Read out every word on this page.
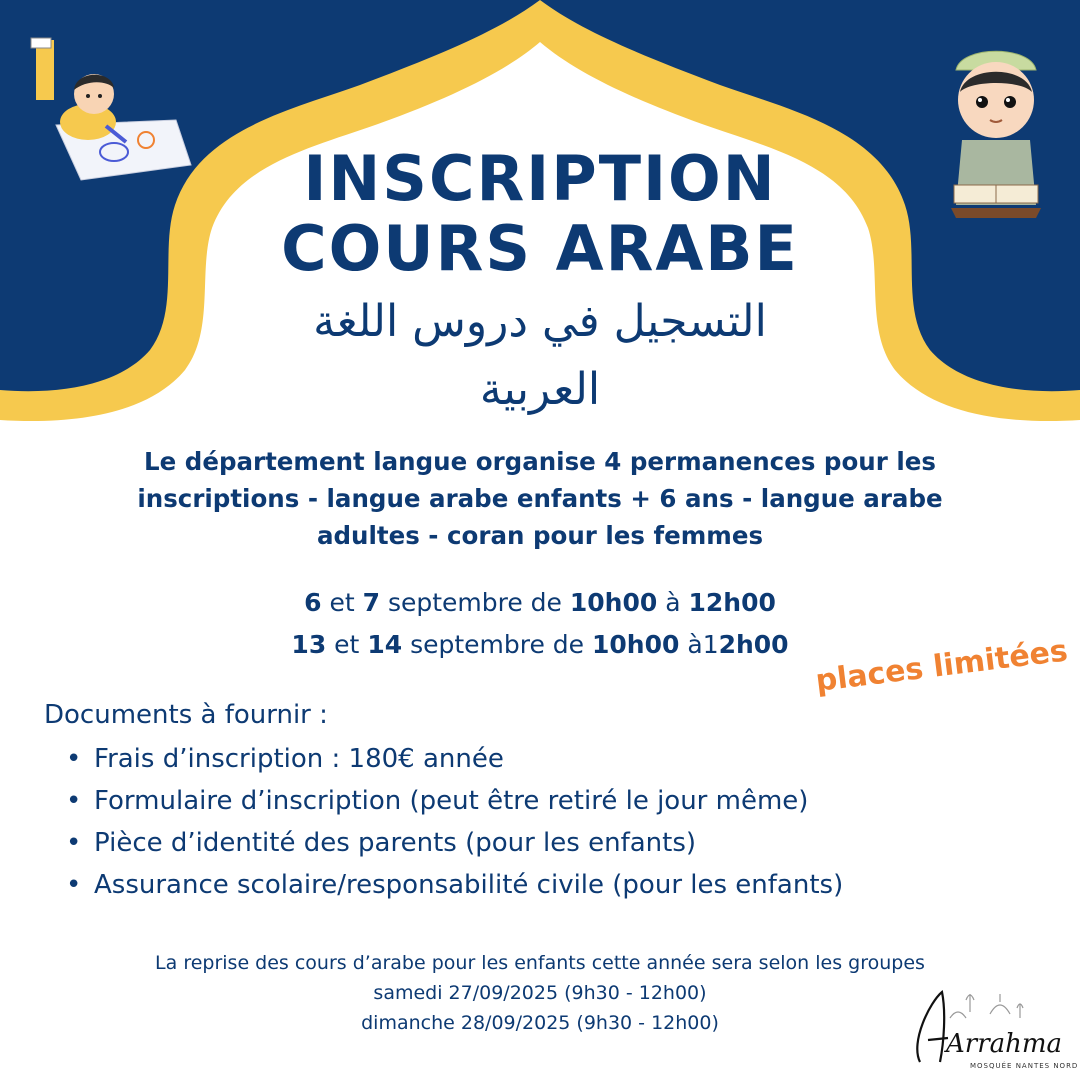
INSCRIPTION
COURS ARABE
التسجيل في دروس اللغة
العربية
Le département langue organise 4 permanences pour les inscriptions - langue arabe enfants + 6 ans - langue arabe adultes - coran pour les femmes
6 et 7 septembre de 10h00 à 12h00
13 et 14 septembre de 10h00 à12h00 places limitées
Documents à fournir :
• Frais d’inscription : 180€ année
• Formulaire d’inscription (peut être retiré le jour même)
• Pièce d’identité des parents (pour les enfants)
• Assurance scolaire/responsabilité civile (pour les enfants)
La reprise des cours d’arabe pour les enfants cette année sera selon les groupes
samedi 27/09/2025 (9h30 - 12h00)
dimanche 28/09/2025 (9h30 - 12h00)
Arrahma
MOSQUÉE NANTES NORD
